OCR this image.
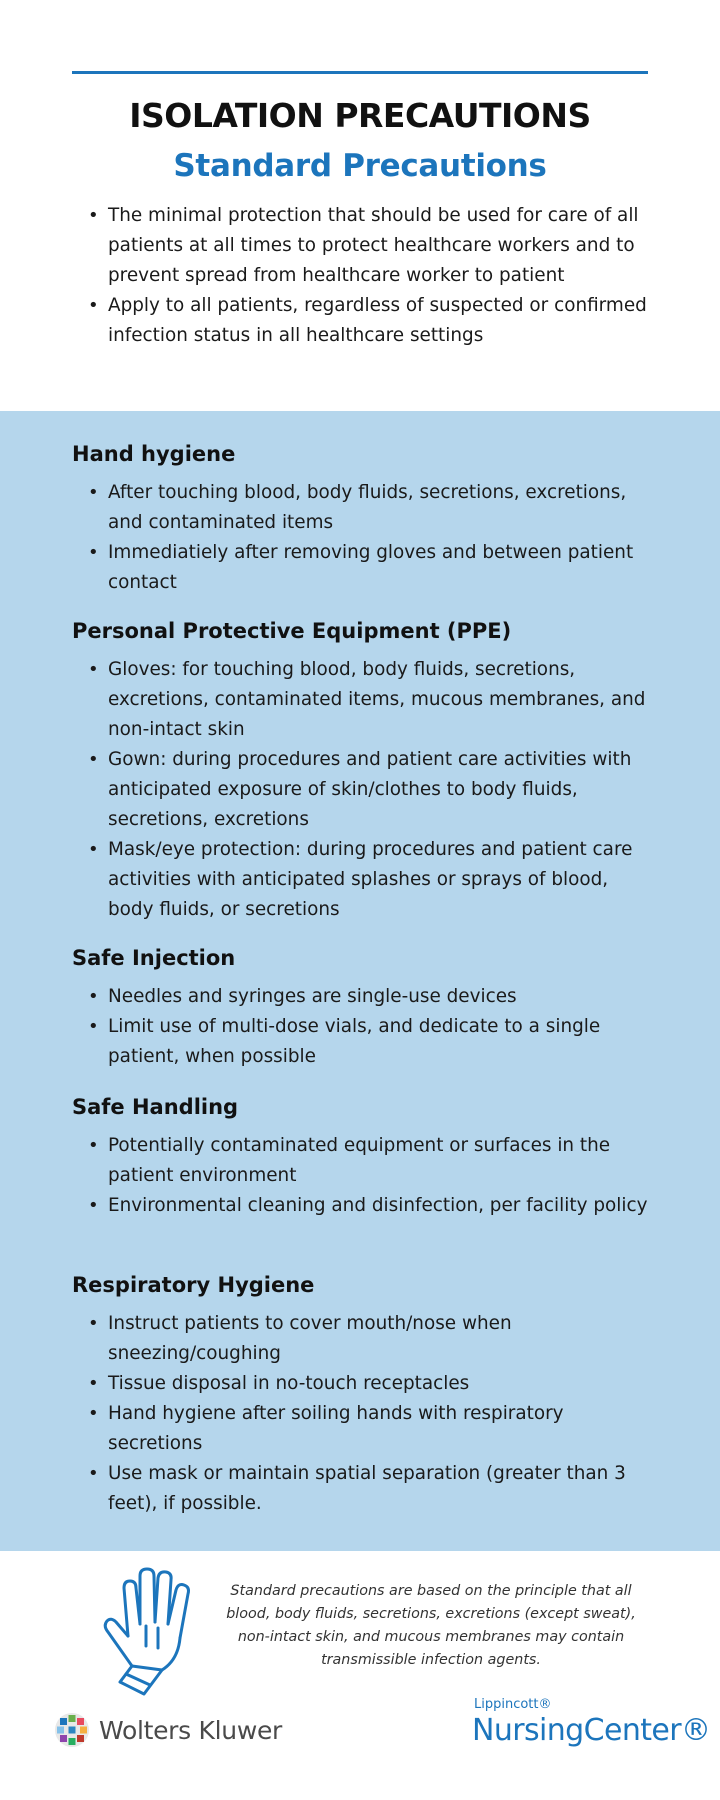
ISOLATION PRECAUTIONS
Standard Precautions
• The minimal protection that should be used for care of all patients at all times to protect healthcare workers and to prevent spread from healthcare worker to patient
• Apply to all patients, regardless of suspected or confirmed infection status in all healthcare settings
Hand hygiene
• After touching blood, body fluids, secretions, excretions, and contaminated items
• Immediatiely after removing gloves and between patient contact
Personal Protective Equipment (PPE)
• Gloves: for touching blood, body fluids, secretions, excretions, contaminated items, mucous membranes, and non-intact skin
• Gown: during procedures and patient care activities with anticipated exposure of skin/clothes to body fluids, secretions, excretions
• Mask/eye protection: during procedures and patient care activities with anticipated splashes or sprays of blood, body fluids, or secretions
Safe Injection
• Needles and syringes are single-use devices
• Limit use of multi-dose vials, and dedicate to a single patient, when possible
Safe Handling
• Potentially contaminated equipment or surfaces in the patient environment
• Environmental cleaning and disinfection, per facility policy
Respiratory Hygiene
• Instruct patients to cover mouth/nose when sneezing/coughing
• Tissue disposal in no-touch receptacles
• Hand hygiene after soiling hands with respiratory secretions
• Use mask or maintain spatial separation (greater than 3 feet), if possible.
Standard precautions are based on the principle that all blood, body fluids, secretions, excretions (except sweat), non-intact skin, and mucous membranes may contain transmissible infection agents.
Wolters Kluwer
Lippincott®
NursingCenter®
